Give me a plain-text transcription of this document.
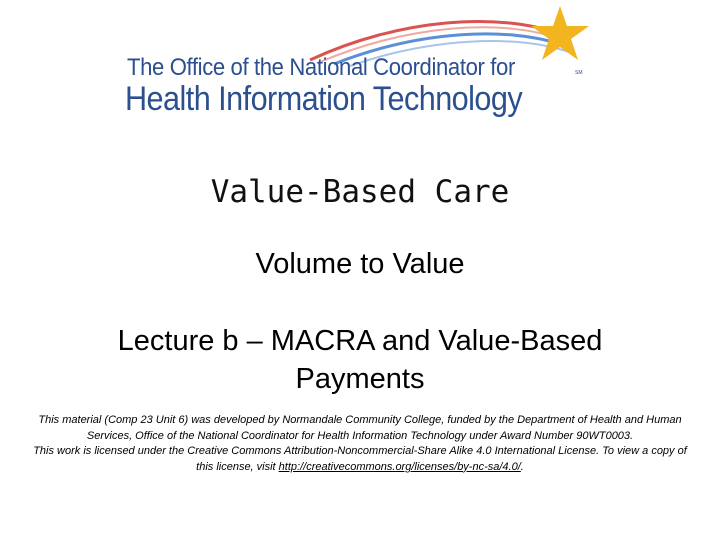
The Office of the National Coordinator for
Health Information Technology
SM
Value-Based Care
Volume to Value
Lecture b – MACRA and Value-Based Payments
This material (Comp 23 Unit 6) was developed by Normandale Community College, funded by the Department of Health and Human Services, Office of the National Coordinator for Health Information Technology under Award Number 90WT0003.
This work is licensed under the Creative Commons Attribution-Noncommercial-Share Alike 4.0 International License. To view a copy of this license, visit http://creativecommons.org/licenses/by-nc-sa/4.0/.
